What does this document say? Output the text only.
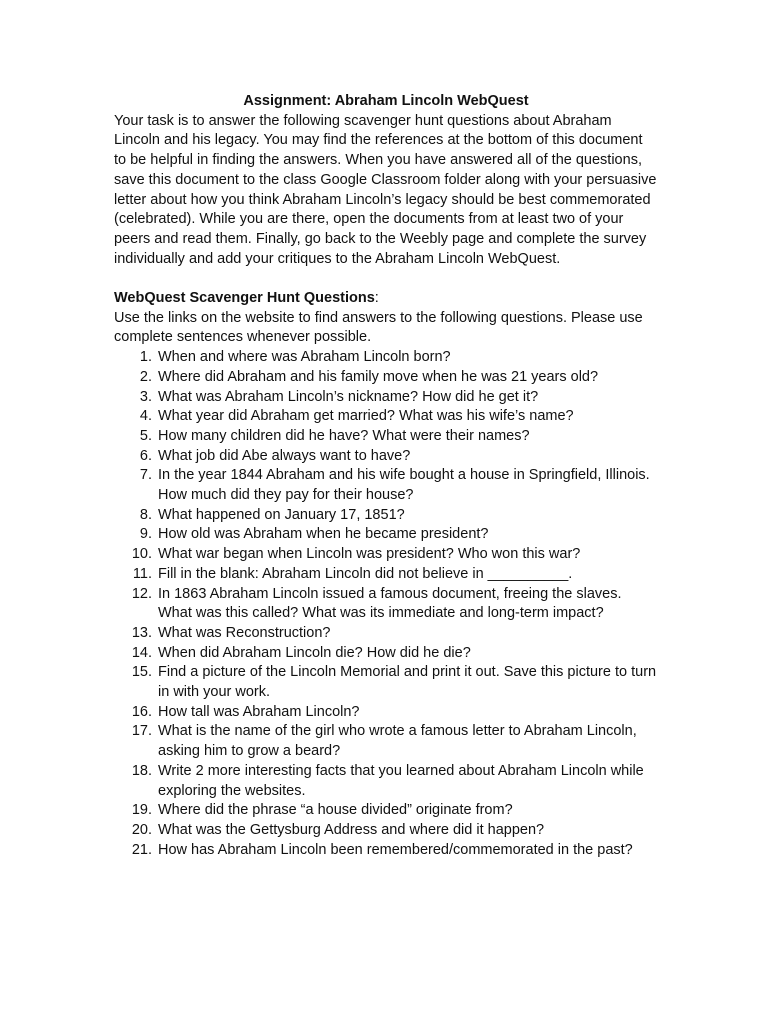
Assignment: Abraham Lincoln WebQuest

Your task is to answer the following scavenger hunt questions about Abraham Lincoln and his legacy. You may find the references at the bottom of this document to be helpful in finding the answers. When you have answered all of the questions, save this document to the class Google Classroom folder along with your persuasive letter about how you think Abraham Lincoln’s legacy should be best commemorated (celebrated). While you are there, open the documents from at least two of your peers and read them. Finally, go back to the Weebly page and complete the survey individually and add your critiques to the Abraham Lincoln WebQuest.

WebQuest Scavenger Hunt Questions:

Use the links on the website to find answers to the following questions. Please use complete sentences whenever possible.

1. When and where was Abraham Lincoln born?
2. Where did Abraham and his family move when he was 21 years old?
3. What was Abraham Lincoln’s nickname? How did he get it?
4. What year did Abraham get married? What was his wife’s name?
5. How many children did he have? What were their names?
6. What job did Abe always want to have?
7. In the year 1844 Abraham and his wife bought a house in Springfield, Illinois. How much did they pay for their house?
8. What happened on January 17, 1851?
9. How old was Abraham when he became president?
10. What war began when Lincoln was president? Who won this war?
11. Fill in the blank: Abraham Lincoln did not believe in __________.
12. In 1863 Abraham Lincoln issued a famous document, freeing the slaves. What was this called? What was its immediate and long-term impact?
13. What was Reconstruction?
14. When did Abraham Lincoln die? How did he die?
15. Find a picture of the Lincoln Memorial and print it out. Save this picture to turn in with your work.
16. How tall was Abraham Lincoln?
17. What is the name of the girl who wrote a famous letter to Abraham Lincoln, asking him to grow a beard?
18. Write 2 more interesting facts that you learned about Abraham Lincoln while exploring the websites.
19. Where did the phrase “a house divided” originate from?
20. What was the Gettysburg Address and where did it happen?
21. How has Abraham Lincoln been remembered/commemorated in the past?
